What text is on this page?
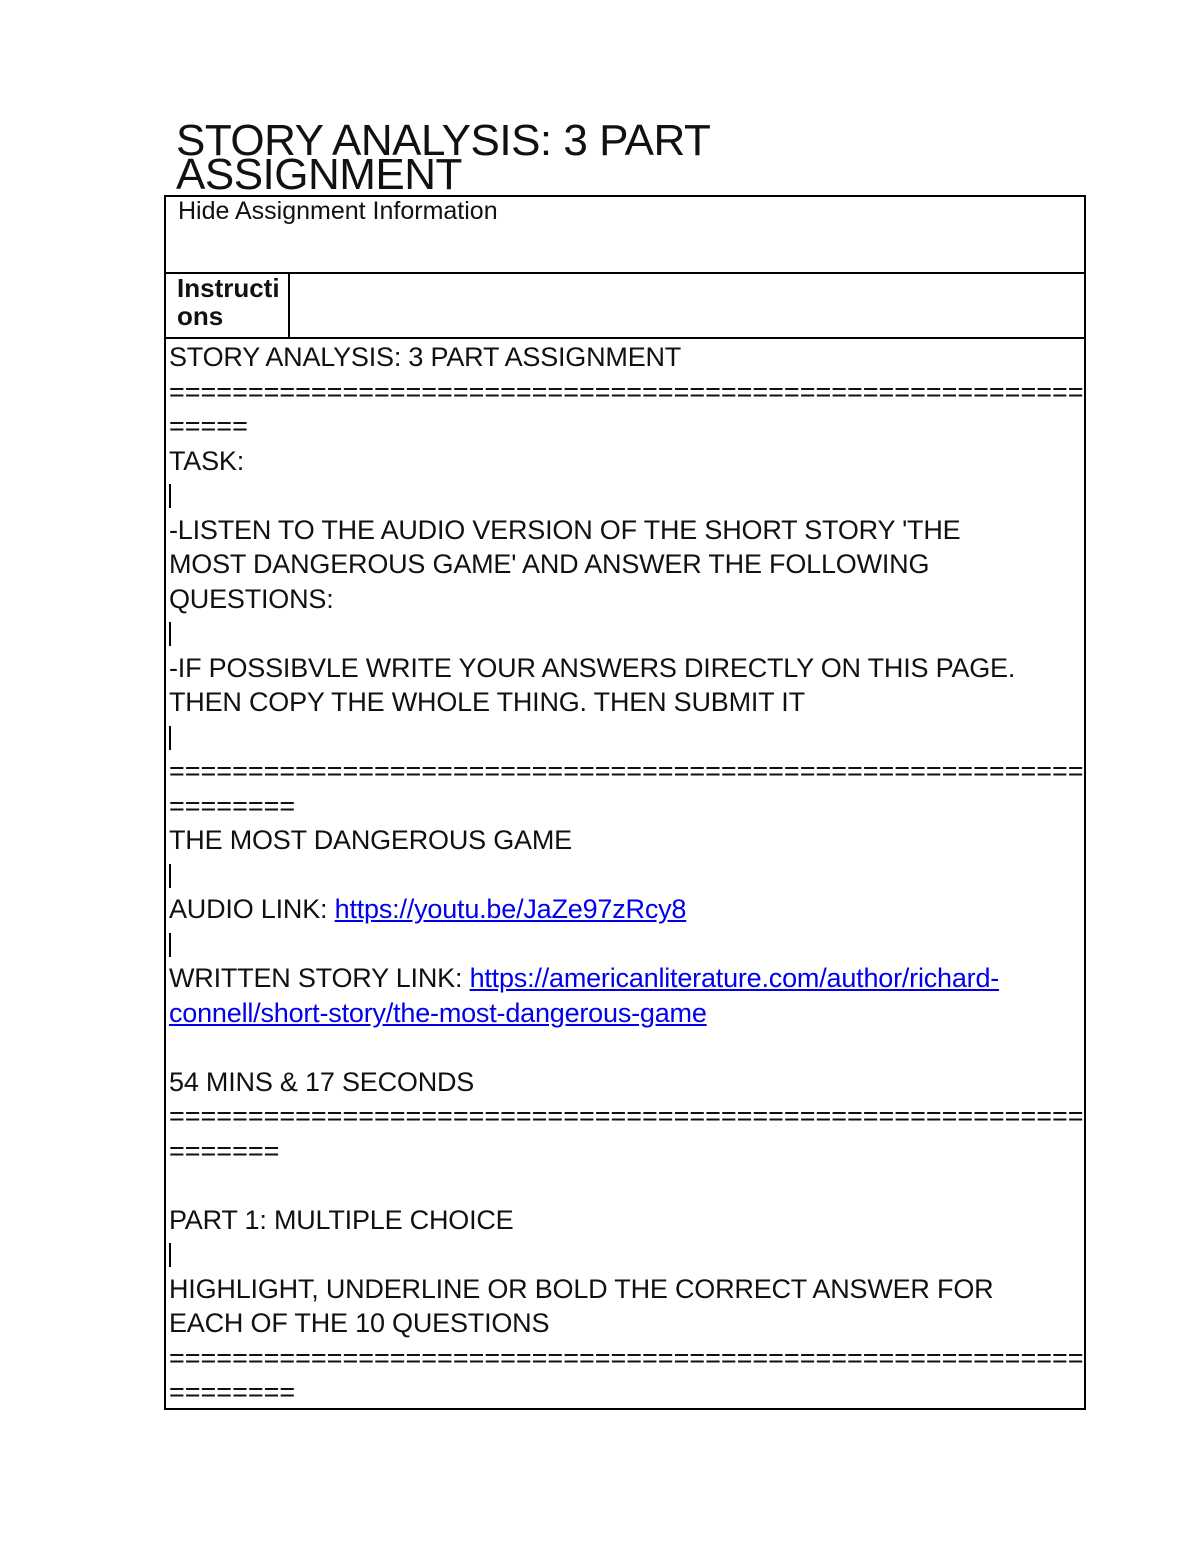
STORY ANALYSIS: 3 PART ASSIGNMENT
Hide Assignment Information
Instructions
STORY ANALYSIS: 3 PART ASSIGNMENT
==========================================================
=====
TASK:
-LISTEN TO THE AUDIO VERSION OF THE SHORT STORY 'THE
MOST DANGEROUS GAME' AND ANSWER THE FOLLOWING
QUESTIONS:
-IF POSSIBVLE WRITE YOUR ANSWERS DIRECTLY ON THIS PAGE.
THEN COPY THE WHOLE THING. THEN SUBMIT IT
==========================================================
========
THE MOST DANGEROUS GAME
AUDIO LINK: https://youtu.be/JaZe97zRcy8
WRITTEN STORY LINK: https://americanliterature.com/author/richard-
connell/short-story/the-most-dangerous-game
54 MINS & 17 SECONDS
==========================================================
=======
PART 1: MULTIPLE CHOICE
HIGHLIGHT, UNDERLINE OR BOLD THE CORRECT ANSWER FOR
EACH OF THE 10 QUESTIONS
==========================================================
========
